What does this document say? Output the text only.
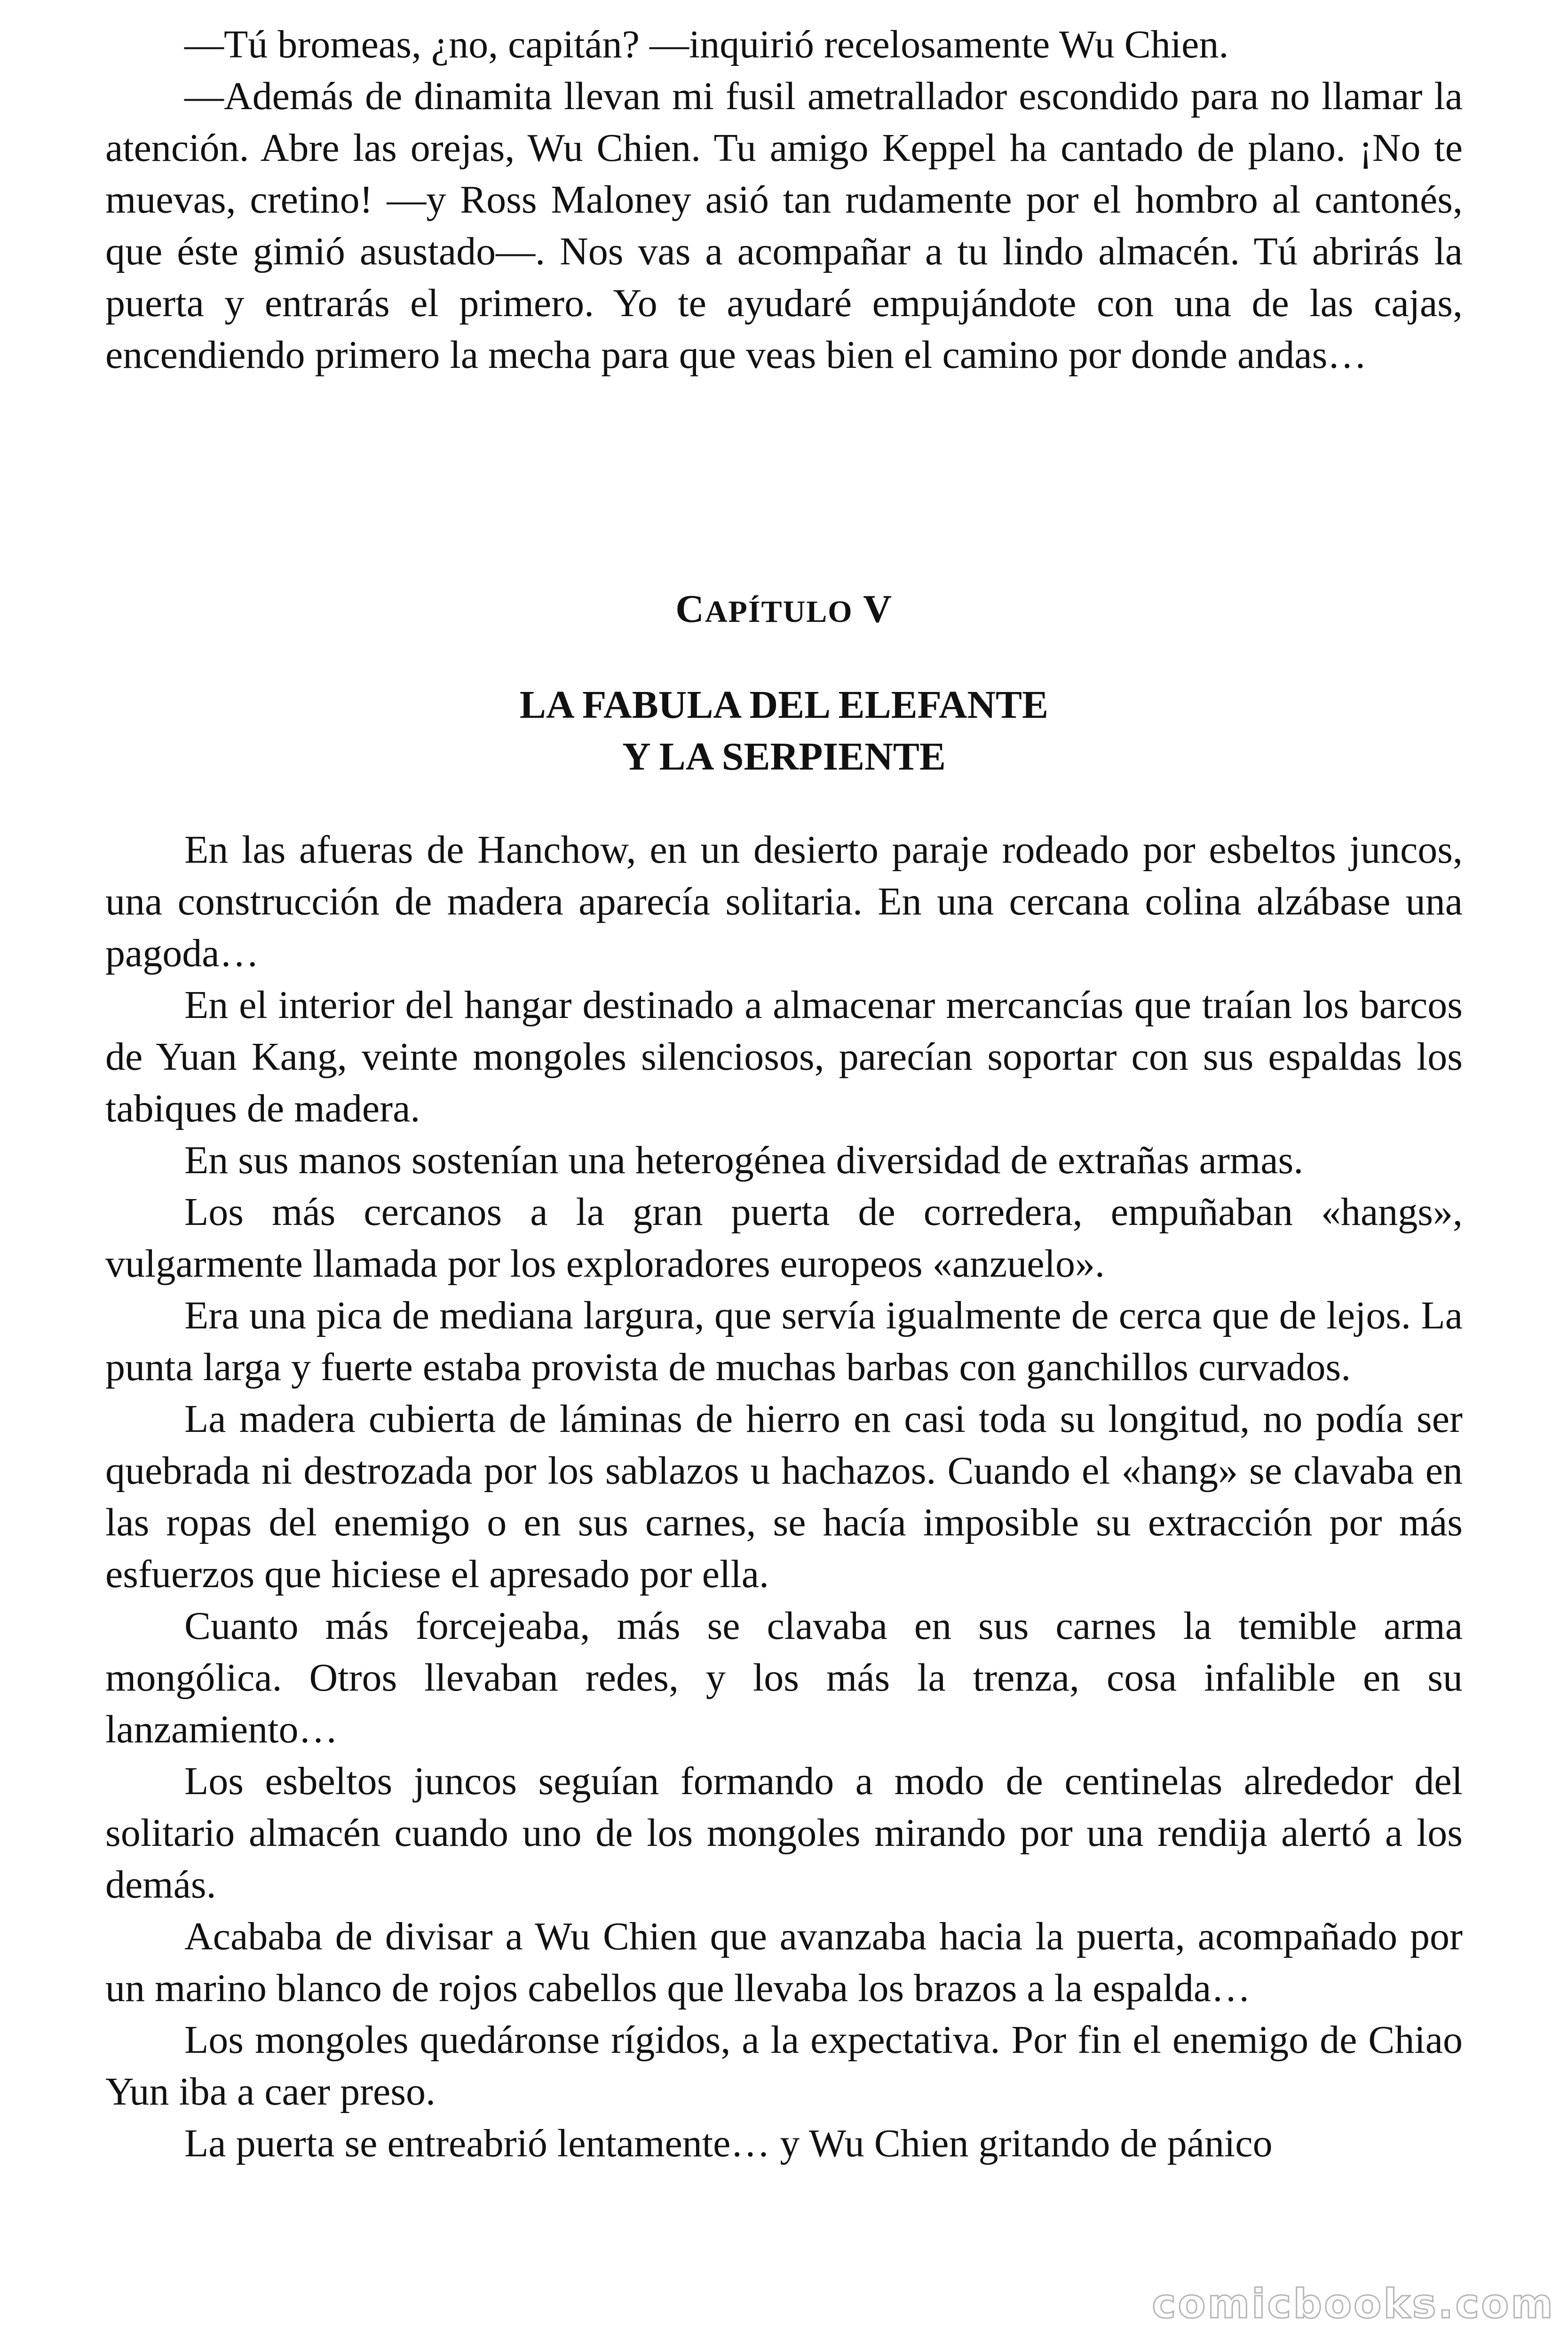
—Tú bromeas, ¿no, capitán? —inquirió recelosamente Wu Chien.

—Además de dinamita llevan mi fusil ametrallador escondido para no llamar la atención. Abre las orejas, Wu Chien. Tu amigo Keppel ha cantado de plano. ¡No te muevas, cretino! —y Ross Maloney asió tan rudamente por el hombro al cantonés, que éste gimió asustado—. Nos vas a acompañar a tu lindo almacén. Tú abrirás la puerta y entrarás el primero. Yo te ayudaré empujándote con una de las cajas, encendiendo primero la mecha para que veas bien el camino por donde andas…

CAPÍTULO V
LA FABULA DEL ELEFANTE
Y LA SERPIENTE

En las afueras de Hanchow, en un desierto paraje rodeado por esbeltos juncos, una construcción de madera aparecía solitaria. En una cercana colina alzábase una pagoda…

En el interior del hangar destinado a almacenar mercancías que traían los barcos de Yuan Kang, veinte mongoles silenciosos, parecían soportar con sus espaldas los tabiques de madera.

En sus manos sostenían una heterogénea diversidad de extrañas armas.

Los más cercanos a la gran puerta de corredera, empuñaban «hangs», vulgarmente llamada por los exploradores europeos «anzuelo».

Era una pica de mediana largura, que servía igualmente de cerca que de lejos. La punta larga y fuerte estaba provista de muchas barbas con ganchillos curvados.

La madera cubierta de láminas de hierro en casi toda su longitud, no podía ser quebrada ni destrozada por los sablazos u hachazos. Cuando el «hang» se clavaba en las ropas del enemigo o en sus carnes, se hacía imposible su extracción por más esfuerzos que hiciese el apresado por ella.

Cuanto más forcejeaba, más se clavaba en sus carnes la temible arma mongólica. Otros llevaban redes, y los más la trenza, cosa infalible en su lanzamiento…

Los esbeltos juncos seguían formando a modo de centinelas alrededor del solitario almacén cuando uno de los mongoles mirando por una rendija alertó a los demás.

Acababa de divisar a Wu Chien que avanzaba hacia la puerta, acompañado por un marino blanco de rojos cabellos que llevaba los brazos a la espalda…

Los mongoles quedáronse rígidos, a la expectativa. Por fin el enemigo de Chiao Yun iba a caer preso.

La puerta se entreabrió lentamente… y Wu Chien gritando de pánico

comicbooks.com
